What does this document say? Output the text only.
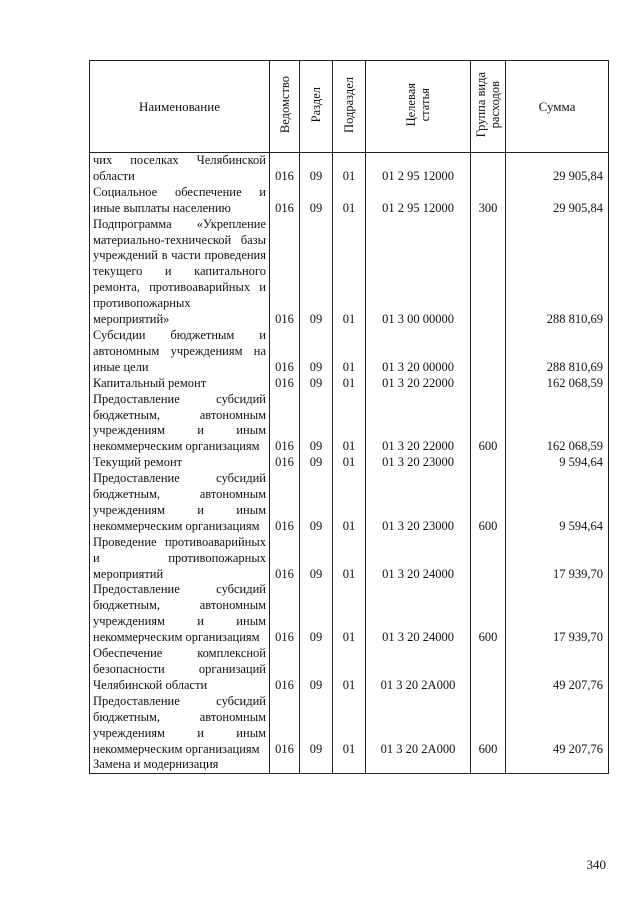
Наименование	Ведомство	Раздел	Подраздел	Целевая статья	Группа вида расходов	Сумма
чих поселках Челябинской области	016	09	01	01 2 95 12000		29 905,84
Социальное обеспечение и иные выплаты населению	016	09	01	01 2 95 12000	300	29 905,84
Подпрограмма «Укрепление материально-технической базы учреждений в части проведения текущего и капитального ремонта, противоаварийных и противопожарных мероприятий»	016	09	01	01 3 00 00000		288 810,69
Субсидии бюджетным и автономным учреждениям на иные цели	016	09	01	01 3 20 00000		288 810,69
Капитальный ремонт	016	09	01	01 3 20 22000		162 068,59
Предоставление субсидий бюджетным, автономным учреждениям и иным некоммерческим организациям	016	09	01	01 3 20 22000	600	162 068,59
Текущий ремонт	016	09	01	01 3 20 23000		9 594,64
Предоставление субсидий бюджетным, автономным учреждениям и иным некоммерческим организациям	016	09	01	01 3 20 23000	600	9 594,64
Проведение противоаварийных и противопожарных мероприятий	016	09	01	01 3 20 24000		17 939,70
Предоставление субсидий бюджетным, автономным учреждениям и иным некоммерческим организациям	016	09	01	01 3 20 24000	600	17 939,70
Обеспечение комплексной безопасности организаций Челябинской области	016	09	01	01 3 20 2A000		49 207,76
Предоставление субсидий бюджетным, автономным учреждениям и иным некоммерческим организациям	016	09	01	01 3 20 2A000	600	49 207,76
Замена и модернизация						
340
